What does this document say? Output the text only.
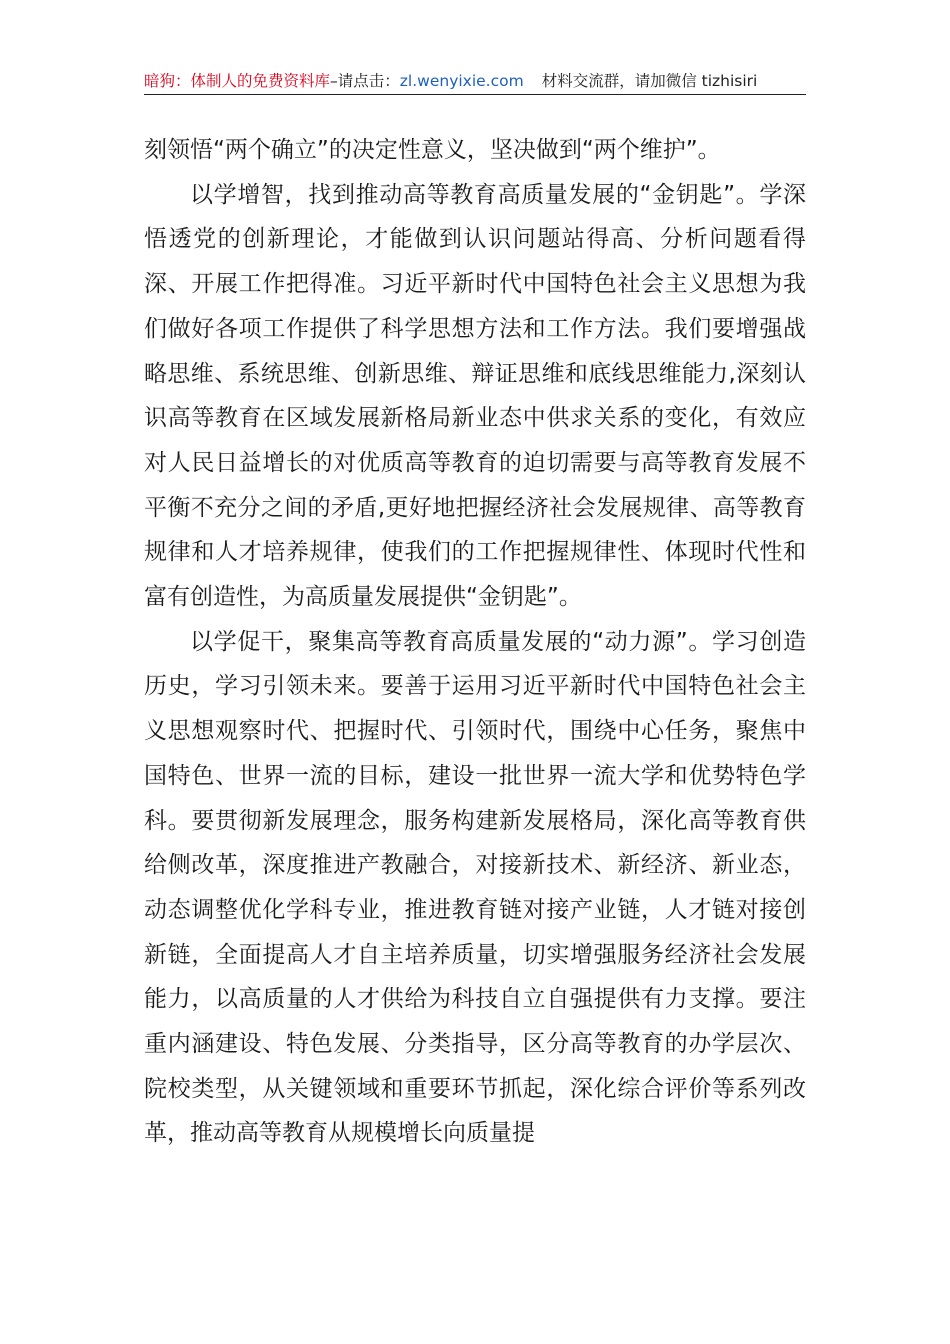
暗狗：体制人的免费资料库–请点击：zl.wenyixie.com 材料交流群，请加微信 tizhisiri

刻领悟“两个确立”的决定性意义，坚决做到“两个维护”。

以学增智，找到推动高等教育高质量发展的“金钥匙”。学深悟透党的创新理论，才能做到认识问题站得高、分析问题看得深、开展工作把得准。习近平新时代中国特色社会主义思想为我们做好各项工作提供了科学思想方法和工作方法。我们要增强战略思维、系统思维、创新思维、辩证思维和底线思维能力,深刻认识高等教育在区域发展新格局新业态中供求关系的变化，有效应对人民日益增长的对优质高等教育的迫切需要与高等教育发展不平衡不充分之间的矛盾,更好地把握经济社会发展规律、高等教育规律和人才培养规律，使我们的工作把握规律性、体现时代性和富有创造性，为高质量发展提供“金钥匙”。

以学促干，聚集高等教育高质量发展的“动力源”。学习创造历史，学习引领未来。要善于运用习近平新时代中国特色社会主义思想观察时代、把握时代、引领时代，围绕中心任务，聚焦中国特色、世界一流的目标，建设一批世界一流大学和优势特色学科。要贯彻新发展理念，服务构建新发展格局，深化高等教育供给侧改革，深度推进产教融合，对接新技术、新经济、新业态，动态调整优化学科专业，推进教育链对接产业链，人才链对接创新链，全面提高人才自主培养质量，切实增强服务经济社会发展能力，以高质量的人才供给为科技自立自强提供有力支撑。要注重内涵建设、特色发展、分类指导，区分高等教育的办学层次、院校类型，从关键领域和重要环节抓起，深化综合评价等系列改革，推动高等教育从规模增长向质量提
